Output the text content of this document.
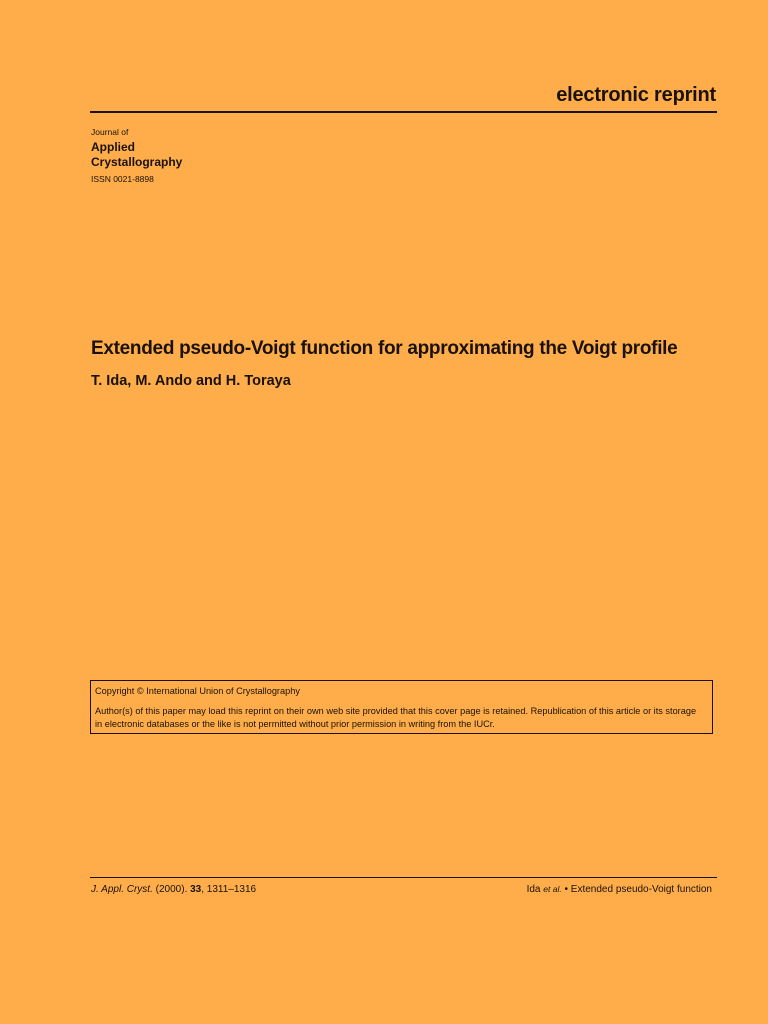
electronic reprint
Journal of
Applied
Crystallography
ISSN 0021-8898
Extended pseudo-Voigt function for approximating the Voigt profile
T. Ida, M. Ando and H. Toraya

Copyright © International Union of Crystallography

Author(s) of this paper may load this reprint on their own web site provided that this cover page is retained. Republication of this article or its storage in electronic databases or the like is not permitted without prior permission in writing from the IUCr.

J. Appl. Cryst. (2000). 33, 1311–1316	Ida et al. • Extended pseudo-Voigt function
